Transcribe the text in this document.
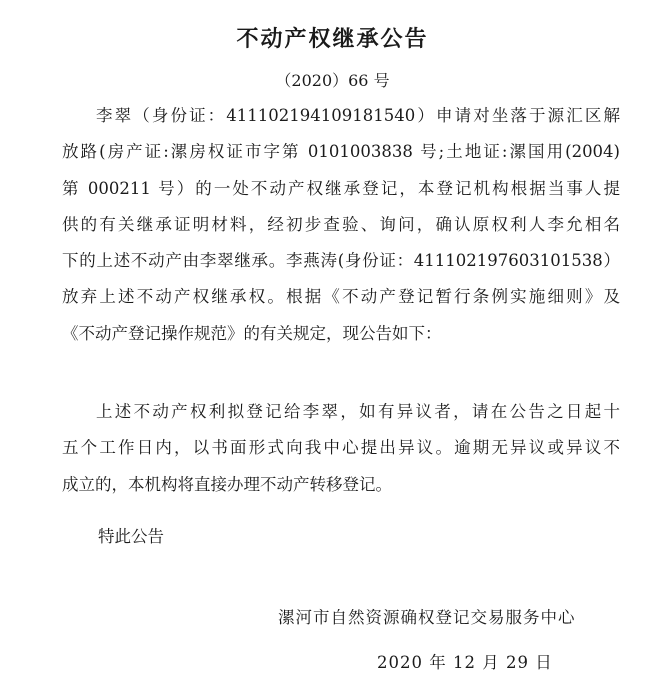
不动产权继承公告
（2020）66 号
李翠（身份证：411102194109181540）申请对坐落于源汇区解
放路(房产证:漯房权证市字第 0101003838 号;土地证:漯国用(2004)
第 000211 号）的一处不动产权继承登记，本登记机构根据当事人提
供的有关继承证明材料，经初步查验、询问，确认原权利人李允相名
下的上述不动产由李翠继承。李燕涛(身份证：411102197603101538）
放弃上述不动产权继承权。根据《不动产登记暂行条例实施细则》及
《不动产登记操作规范》的有关规定，现公告如下：
上述不动产权利拟登记给李翠，如有异议者，请在公告之日起十
五个工作日内，以书面形式向我中心提出异议。逾期无异议或异议不
成立的，本机构将直接办理不动产转移登记。
特此公告
漯河市自然资源确权登记交易服务中心
2020 年 12 月 29 日
